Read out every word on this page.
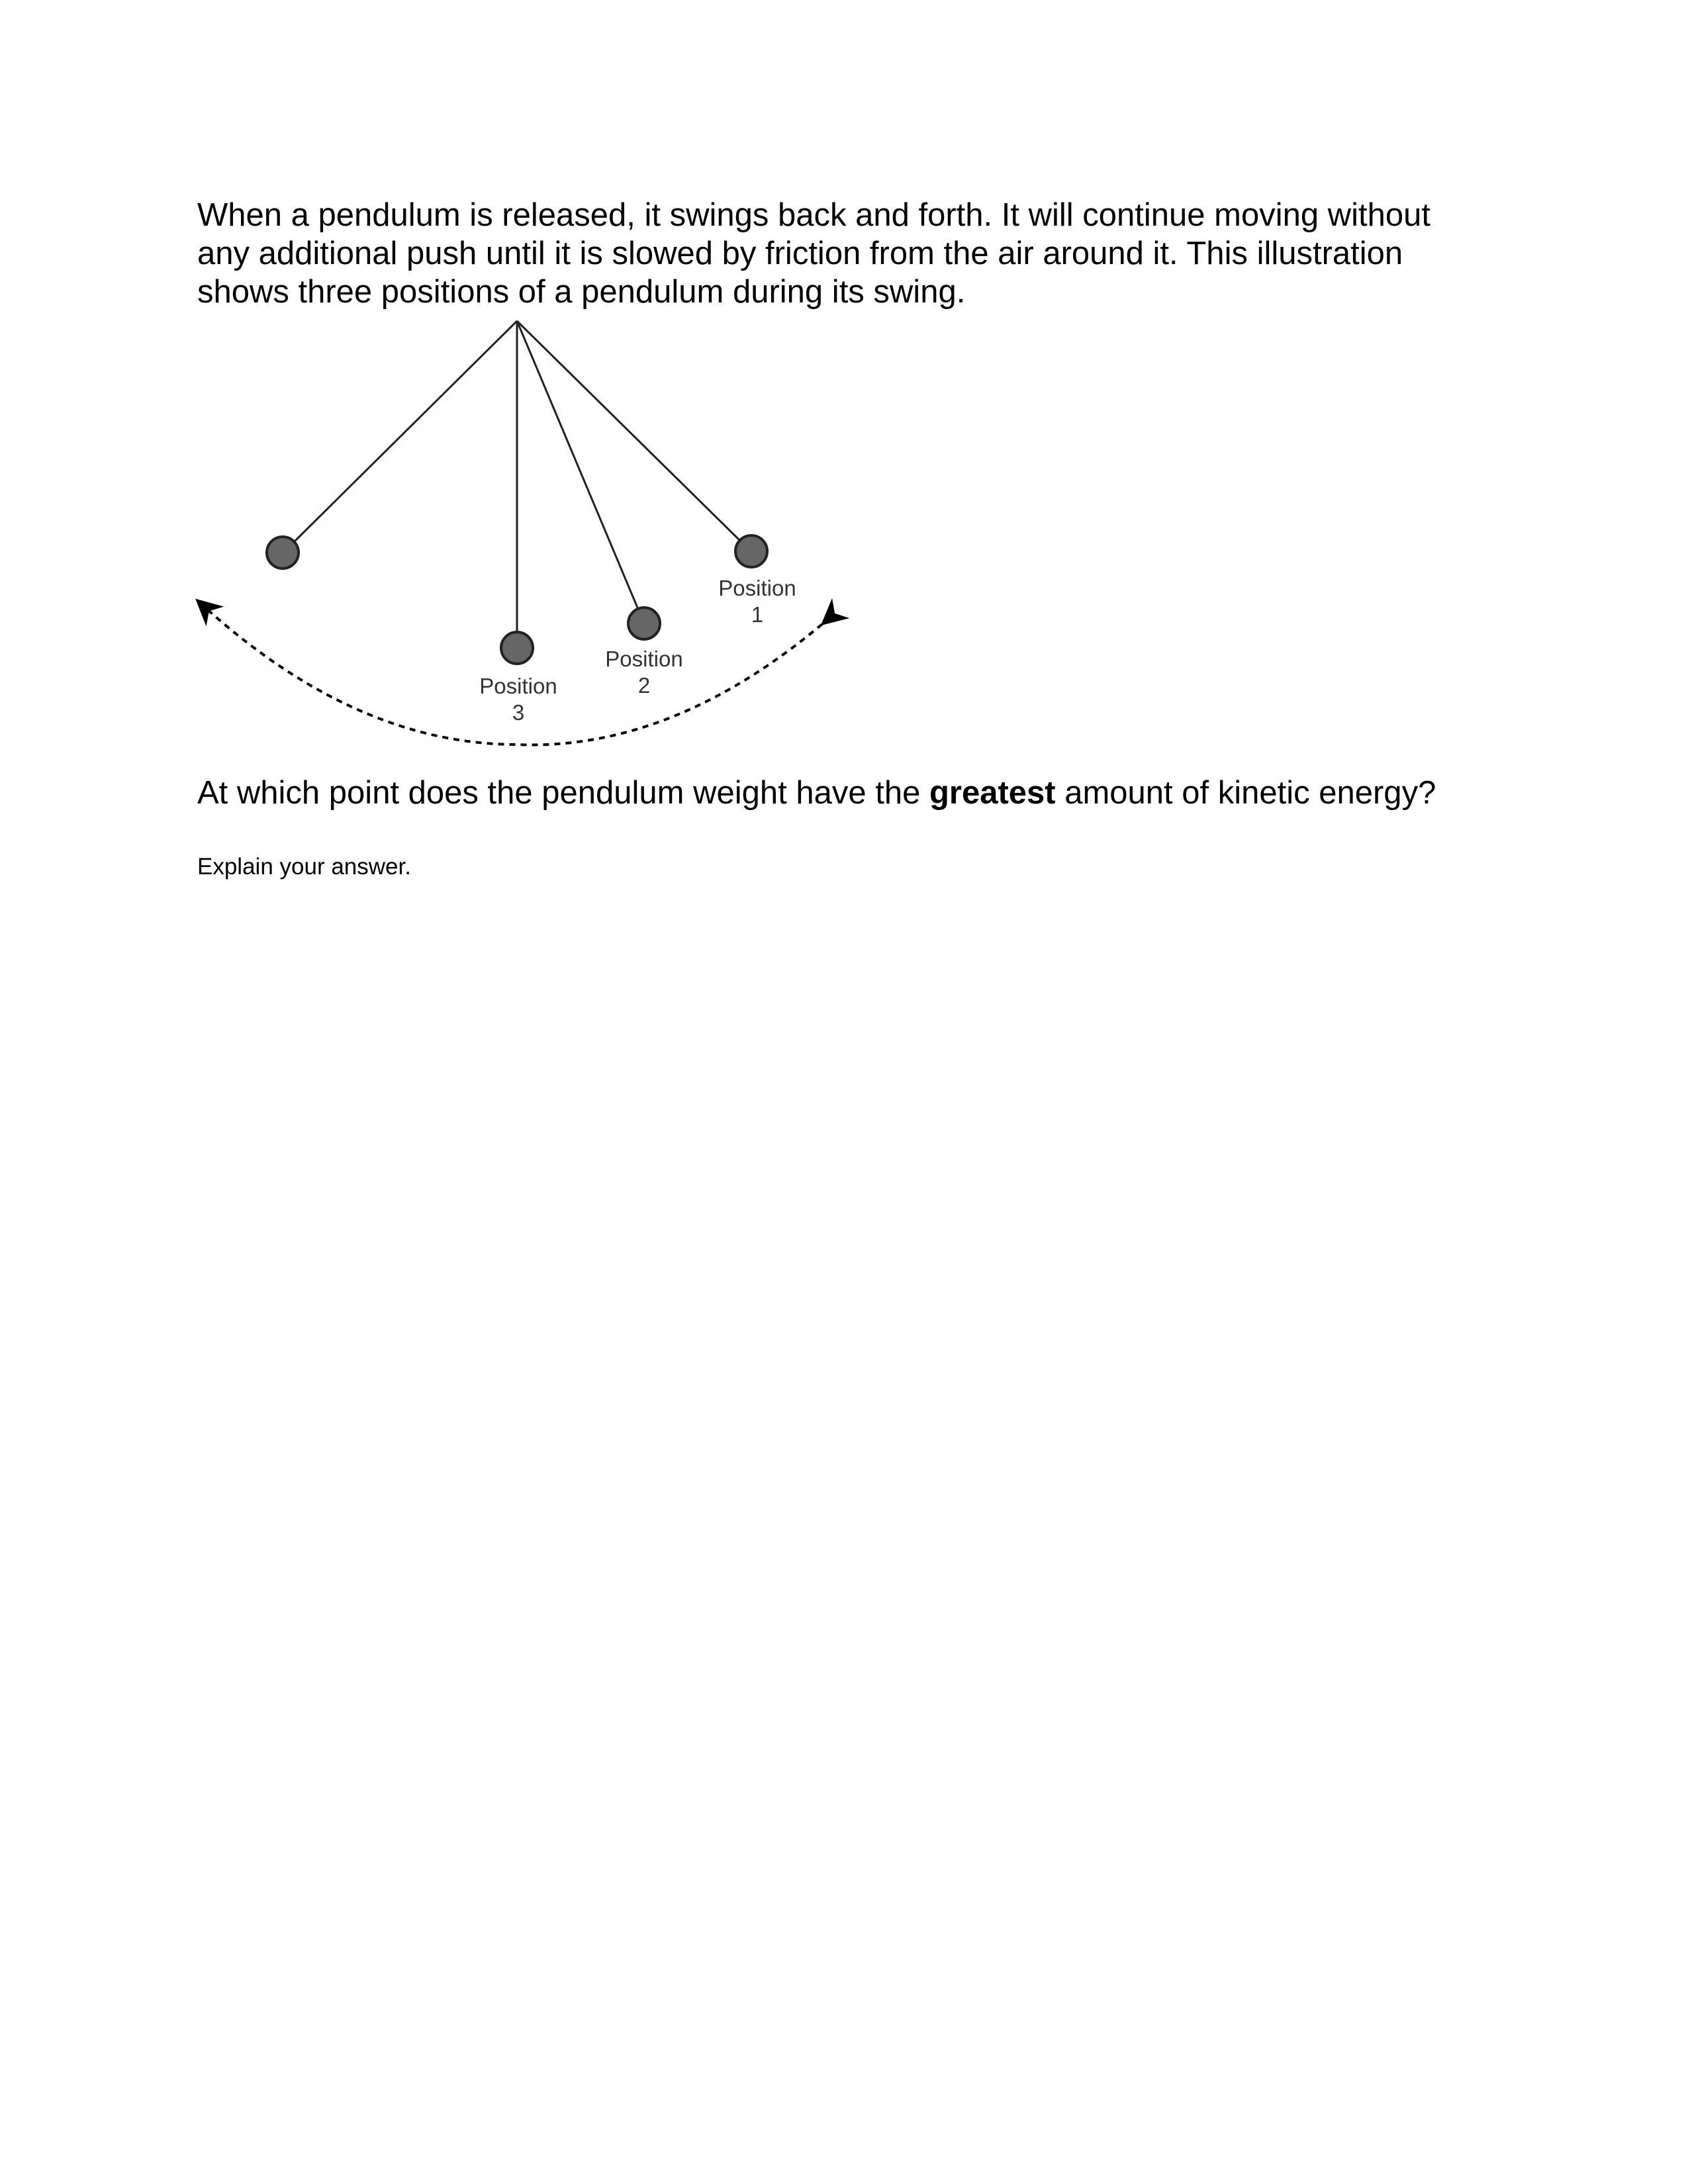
When a pendulum is released, it swings back and forth. It will continue moving without
any additional push until it is slowed by friction from the air around it. This illustration
shows three positions of a pendulum during its swing.
Position
1
Position
2
Position
3
At which point does the pendulum weight have the greatest amount of kinetic energy?
Explain your answer.
